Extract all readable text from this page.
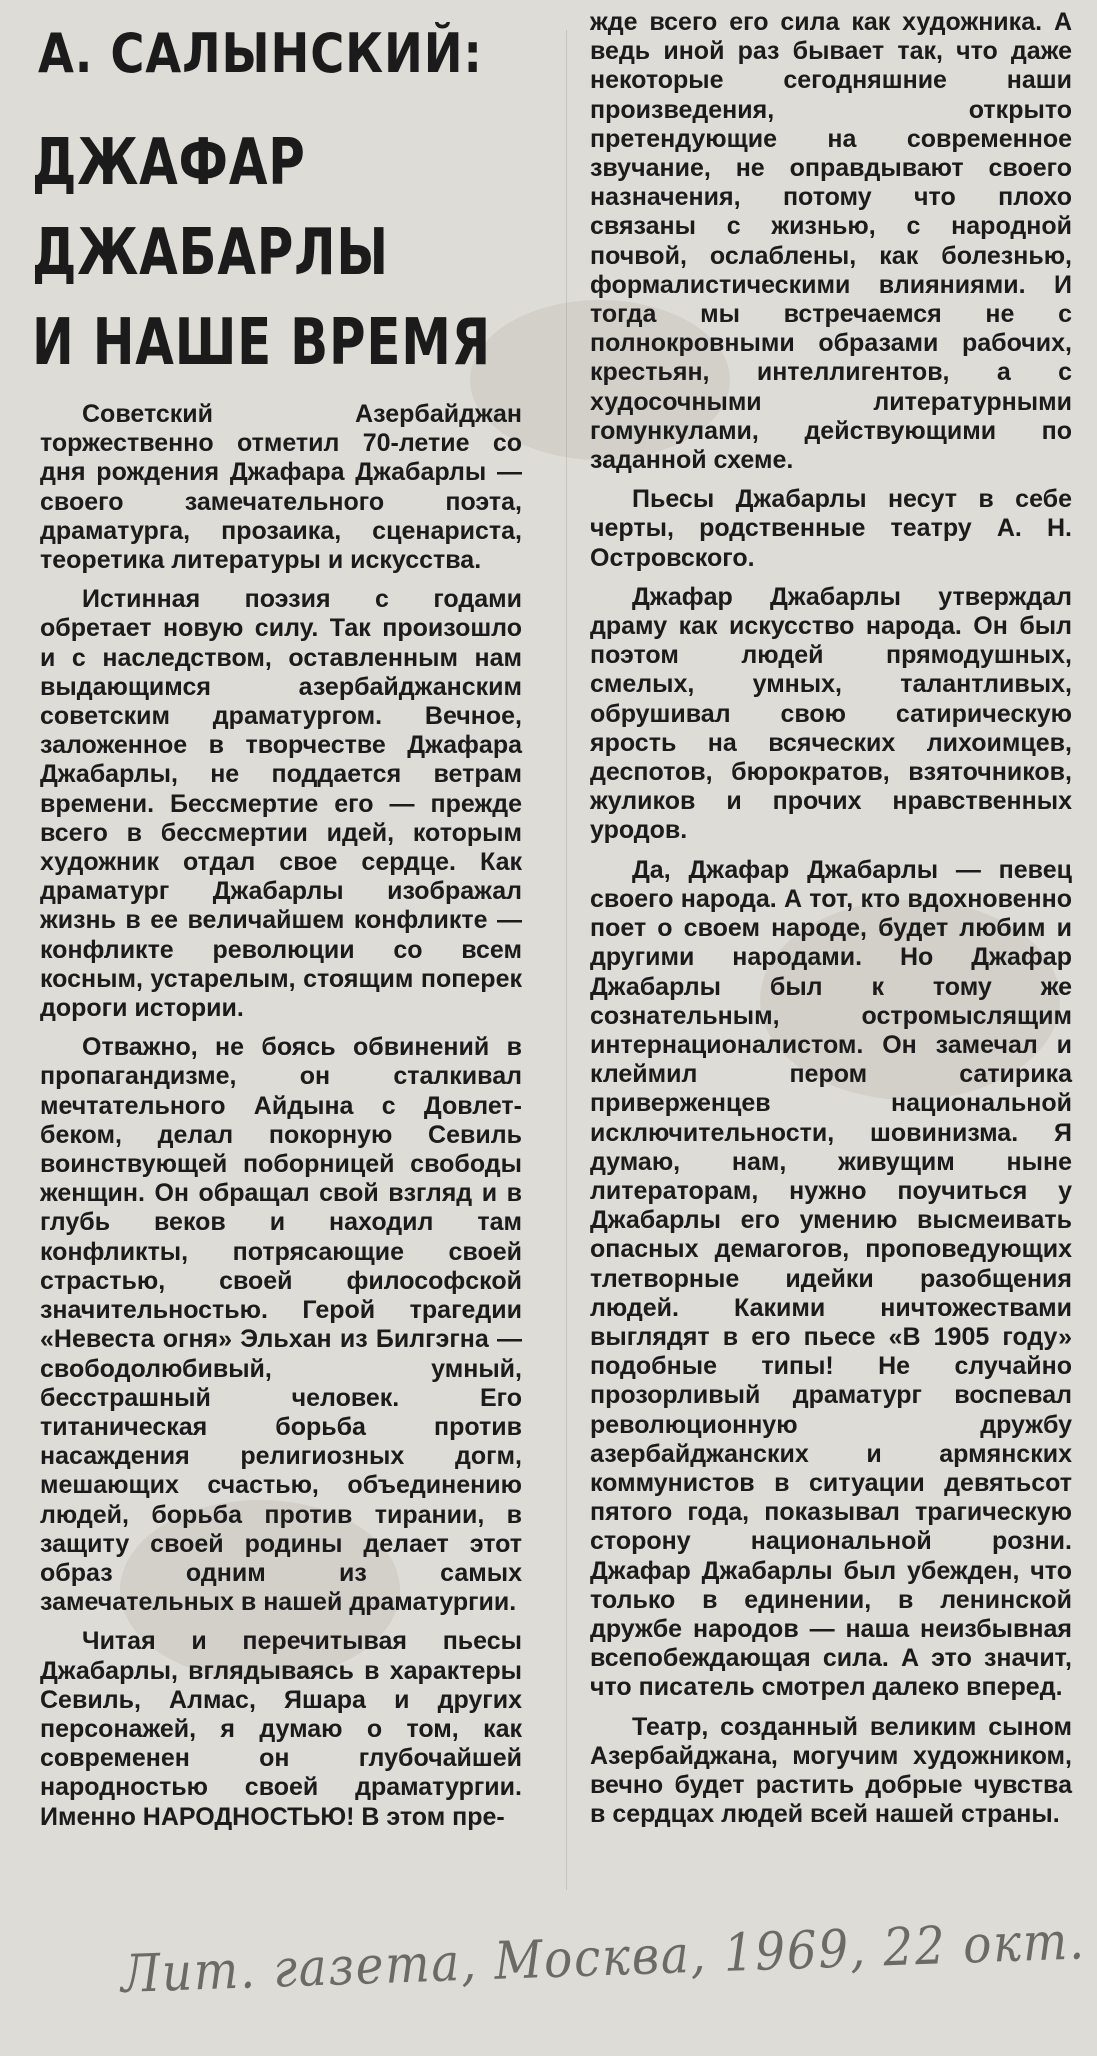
А. САЛЫНСКИЙ:
ДЖАФАР
ДЖАБАРЛЫ
И НАШЕ ВРЕМЯ

Советский Азербайджан торжественно отметил 70-летие со дня рождения Джафара Джабарлы — своего замечательного поэта, драматурга, прозаика, сценариста, теоретика литературы и искусства.

Истинная поэзия с годами обретает новую силу. Так произошло и с наследством, оставленным нам выдающимся азербайджанским советским драматургом. Вечное, заложенное в творчестве Джафара Джабарлы, не поддается ветрам времени. Бессмертие его — прежде всего в бессмертии идей, которым художник отдал свое сердце. Как драматург Джабарлы изображал жизнь в ее величайшем конфликте — конфликте революции со всем косным, устарелым, стоящим поперек дороги истории.

Отважно, не боясь обвинений в пропагандизме, он сталкивал мечтательного Айдына с Довлет-беком, делал покорную Севиль воинствующей поборницей свободы женщин. Он обращал свой взгляд и в глубь веков и находил там конфликты, потрясающие своей страстью, своей философской значительностью. Герой трагедии «Невеста огня» Эльхан из Билгэгна — свободолюбивый, умный, бесстрашный человек. Его титаническая борьба против насаждения религиозных догм, мешающих счастью, объединению людей, борьба против тирании, в защиту своей родины делает этот образ одним из самых замечательных в нашей драматургии.

Читая и перечитывая пьесы Джабарлы, вглядываясь в характеры Севиль, Алмас, Яшара и других персонажей, я думаю о том, как современен он глубочайшей народностью своей драматургии. Именно НАРОДНОСТЬЮ! В этом пре-

жде всего его сила как художника. А ведь иной раз бывает так, что даже некоторые сегодняшние наши произведения, открыто претендующие на современное звучание, не оправдывают своего назначения, потому что плохо связаны с жизнью, с народной почвой, ослаблены, как болезнью, формалистическими влияниями. И тогда мы встречаемся не с полнокровными образами рабочих, крестьян, интеллигентов, а с худосочными литературными гомункулами, действующими по заданной схеме.

Пьесы Джабарлы несут в себе черты, родственные театру А. Н. Островского.

Джафар Джабарлы утверждал драму как искусство народа. Он был поэтом людей прямодушных, смелых, умных, талантливых, обрушивал свою сатирическую ярость на всяческих лихоимцев, деспотов, бюрократов, взяточников, жуликов и прочих нравственных уродов.

Да, Джафар Джабарлы — певец своего народа. А тот, кто вдохновенно поет о своем народе, будет любим и другими народами. Но Джафар Джабарлы был к тому же сознательным, остромыслящим интернационалистом. Он замечал и клеймил пером сатирика приверженцев национальной исключительности, шовинизма. Я думаю, нам, живущим ныне литераторам, нужно поучиться у Джабарлы его умению высмеивать опасных демагогов, проповедующих тлетворные идейки разобщения людей. Какими ничтожествами выглядят в его пьесе «В 1905 году» подобные типы! Не случайно прозорливый драматург воспевал революционную дружбу азербайджанских и армянских коммунистов в ситуации девятьсот пятого года, показывал трагическую сторону национальной розни. Джафар Джабарлы был убежден, что только в единении, в ленинской дружбе народов — наша неизбывная всепобеждающая сила. А это значит, что писатель смотрел далеко вперед.

Театр, созданный великим сыном Азербайджана, могучим художником, вечно будет растить добрые чувства в сердцах людей всей нашей страны.

Лит. газета, Москва, 1969, 22 окт.
